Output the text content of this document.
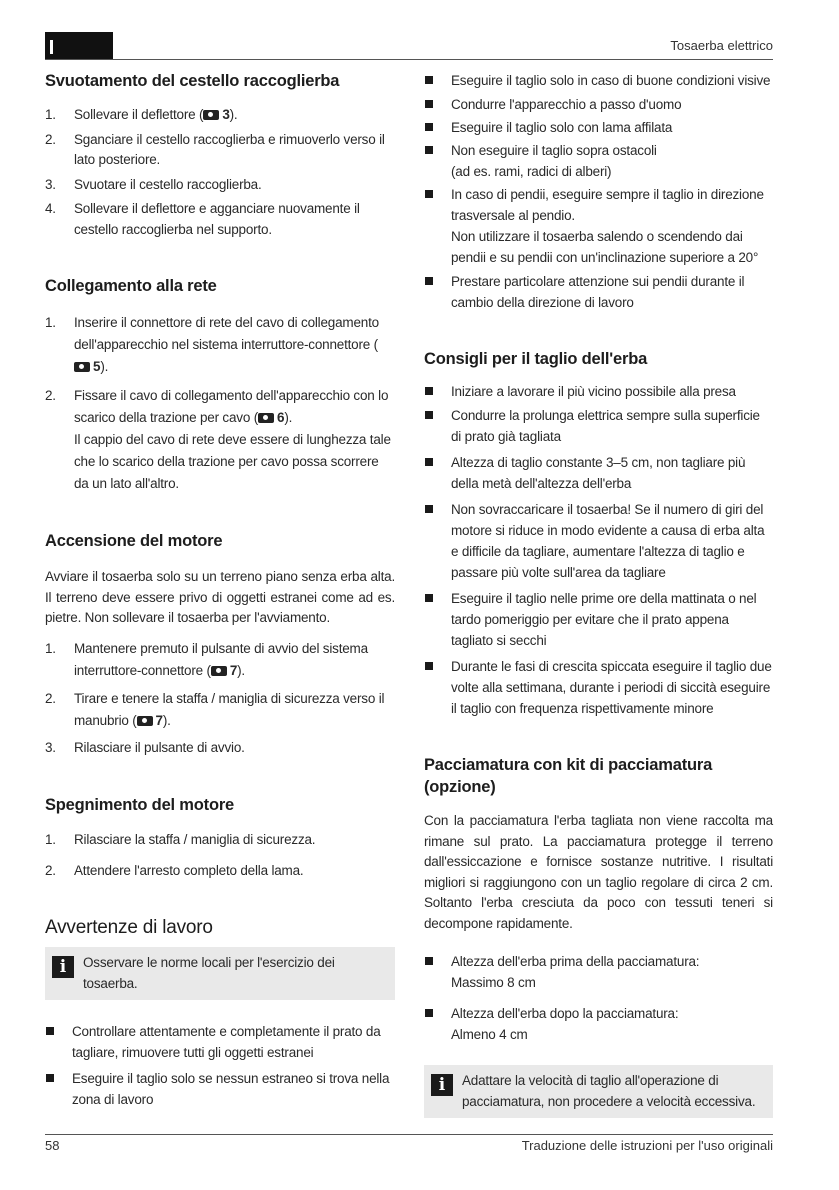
Tosaerba elettrico
Svuotamento del cestello raccoglierba
1. Sollevare il deflettore ( 3).
2. Sganciare il cestello raccoglierba e rimuoverlo verso il lato posteriore.
3. Svuotare il cestello raccoglierba.
4. Sollevare il deflettore e agganciare nuovamente il cestello raccoglierba nel supporto.
Collegamento alla rete
1. Inserire il connettore di rete del cavo di collegamento dell'apparecchio nel sistema interruttore-connettore (5).
2. Fissare il cavo di collegamento dell'apparecchio con lo scarico della trazione per cavo ( 6).
Il cappio del cavo di rete deve essere di lunghezza tale che lo scarico della trazione per cavo possa scorrere da un lato all'altro.
Accensione del motore
Avviare il tosaerba solo su un terreno piano senza erba alta. Il terreno deve essere privo di oggetti estranei come ad es. pietre. Non sollevare il tosaerba per l'avviamento.
1. Mantenere premuto il pulsante di avvio del sistema interruttore-connettore ( 7).
2. Tirare e tenere la staffa / maniglia di sicurezza verso il manubrio ( 7).
3. Rilasciare il pulsante di avvio.
Spegnimento del motore
1. Rilasciare la staffa / maniglia di sicurezza.
2. Attendere l'arresto completo della lama.
Avvertenze di lavoro
i	Osservare le norme locali per l'esercizio dei tosaerba.
Controllare attentamente e completamente il prato da tagliare, rimuovere tutti gli oggetti estranei
Eseguire il taglio solo se nessun estraneo si trova nella zona di lavoro
Eseguire il taglio solo in caso di buone condizioni visive
Condurre l'apparecchio a passo d'uomo
Eseguire il taglio solo con lama affilata
Non eseguire il taglio sopra ostacoli
(ad es. rami, radici di alberi)
In caso di pendii, eseguire sempre il taglio in direzione trasversale al pendio.
Non utilizzare il tosaerba salendo o scendendo dai pendii e su pendii con un'inclinazione superiore a 20°
Prestare particolare attenzione sui pendii durante il cambio della direzione di lavoro
Consigli per il taglio dell'erba
Iniziare a lavorare il più vicino possibile alla presa
Condurre la prolunga elettrica sempre sulla superficie di prato già tagliata
Altezza di taglio constante 3–5 cm, non tagliare più della metà dell'altezza dell'erba
Non sovraccaricare il tosaerba! Se il numero di giri del motore si riduce in modo evidente a causa di erba alta e difficile da tagliare, aumentare l'altezza di taglio e passare più volte sull'area da tagliare
Eseguire il taglio nelle prime ore della mattinata o nel tardo pomeriggio per evitare che il prato appena tagliato si secchi
Durante le fasi di crescita spiccata eseguire il taglio due volte alla settimana, durante i periodi di siccità eseguire il taglio con frequenza rispettivamente minore
Pacciamatura con kit di pacciamatura (opzione)
Con la pacciamatura l'erba tagliata non viene raccolta ma rimane sul prato. La pacciamatura protegge il terreno dall'essiccazione e fornisce sostanze nutritive. I risultati migliori si raggiungono con un taglio regolare di circa 2 cm. Soltanto l'erba cresciuta da poco con tessuti teneri si decompone rapidamente.
Altezza dell'erba prima della pacciamatura:
Massimo 8 cm
Altezza dell'erba dopo la pacciamatura:
Almeno 4 cm
i	Adattare la velocità di taglio all'operazione di pacciamatura, non procedere a velocità eccessiva.
58	Traduzione delle istruzioni per l'uso originali
